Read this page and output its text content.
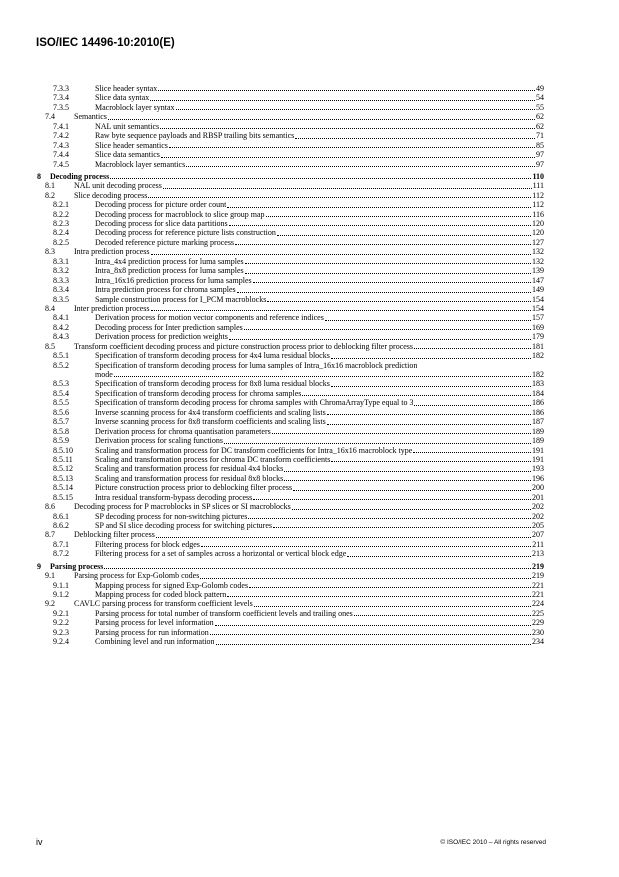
ISO/IEC 14496-10:2010(E)
7.3.3	Slice header syntax	49
7.3.4	Slice data syntax	54
7.3.5	Macroblock layer syntax	55
7.4	Semantics	62
7.4.1	NAL unit semantics	62
7.4.2	Raw byte sequence payloads and RBSP trailing bits semantics	71
7.4.3	Slice header semantics	85
7.4.4	Slice data semantics	97
7.4.5	Macroblock layer semantics	97
8	Decoding process	110
8.1	NAL unit decoding process	111
8.2	Slice decoding process	112
8.2.1	Decoding process for picture order count	112
8.2.2	Decoding process for macroblock to slice group map	116
8.2.3	Decoding process for slice data partitions	120
8.2.4	Decoding process for reference picture lists construction	120
8.2.5	Decoded reference picture marking process	127
8.3	Intra prediction process	132
8.3.1	Intra_4x4 prediction process for luma samples	132
8.3.2	Intra_8x8 prediction process for luma samples	139
8.3.3	Intra_16x16 prediction process for luma samples	147
8.3.4	Intra prediction process for chroma samples	149
8.3.5	Sample construction process for I_PCM macroblocks	154
8.4	Inter prediction process	154
8.4.1	Derivation process for motion vector components and reference indices	157
8.4.2	Decoding process for Inter prediction samples	169
8.4.3	Derivation process for prediction weights	179
8.5	Transform coefficient decoding process and picture construction process prior to deblocking filter process	181
8.5.1	Specification of transform decoding process for 4x4 luma residual blocks	182
8.5.2	Specification of transform decoding process for luma samples of Intra_16x16 macroblock prediction
mode	182
8.5.3	Specification of transform decoding process for 8x8 luma residual blocks	183
8.5.4	Specification of transform decoding process for chroma samples	184
8.5.5	Specification of transform decoding process for chroma samples with ChromaArrayType equal to 3	186
8.5.6	Inverse scanning process for 4x4 transform coefficients and scaling lists	186
8.5.7	Inverse scanning process for 8x8 transform coefficients and scaling lists	187
8.5.8	Derivation process for chroma quantisation parameters	189
8.5.9	Derivation process for scaling functions	189
8.5.10	Scaling and transformation process for DC transform coefficients for Intra_16x16 macroblock type	191
8.5.11	Scaling and transformation process for chroma DC transform coefficients	191
8.5.12	Scaling and transformation process for residual 4x4 blocks	193
8.5.13	Scaling and transformation process for residual 8x8 blocks	196
8.5.14	Picture construction process prior to deblocking filter process	200
8.5.15	Intra residual transform-bypass decoding process	201
8.6	Decoding process for P macroblocks in SP slices or SI macroblocks	202
8.6.1	SP decoding process for non-switching pictures	202
8.6.2	SP and SI slice decoding process for switching pictures	205
8.7	Deblocking filter process	207
8.7.1	Filtering process for block edges	211
8.7.2	Filtering process for a set of samples across a horizontal or vertical block edge	213
9	Parsing process	219
9.1	Parsing process for Exp-Golomb codes	219
9.1.1	Mapping process for signed Exp-Golomb codes	221
9.1.2	Mapping process for coded block pattern	221
9.2	CAVLC parsing process for transform coefficient levels	224
9.2.1	Parsing process for total number of transform coefficient levels and trailing ones	225
9.2.2	Parsing process for level information	229
9.2.3	Parsing process for run information	230
9.2.4	Combining level and run information	234
iv	© ISO/IEC 2010 – All rights reserved
